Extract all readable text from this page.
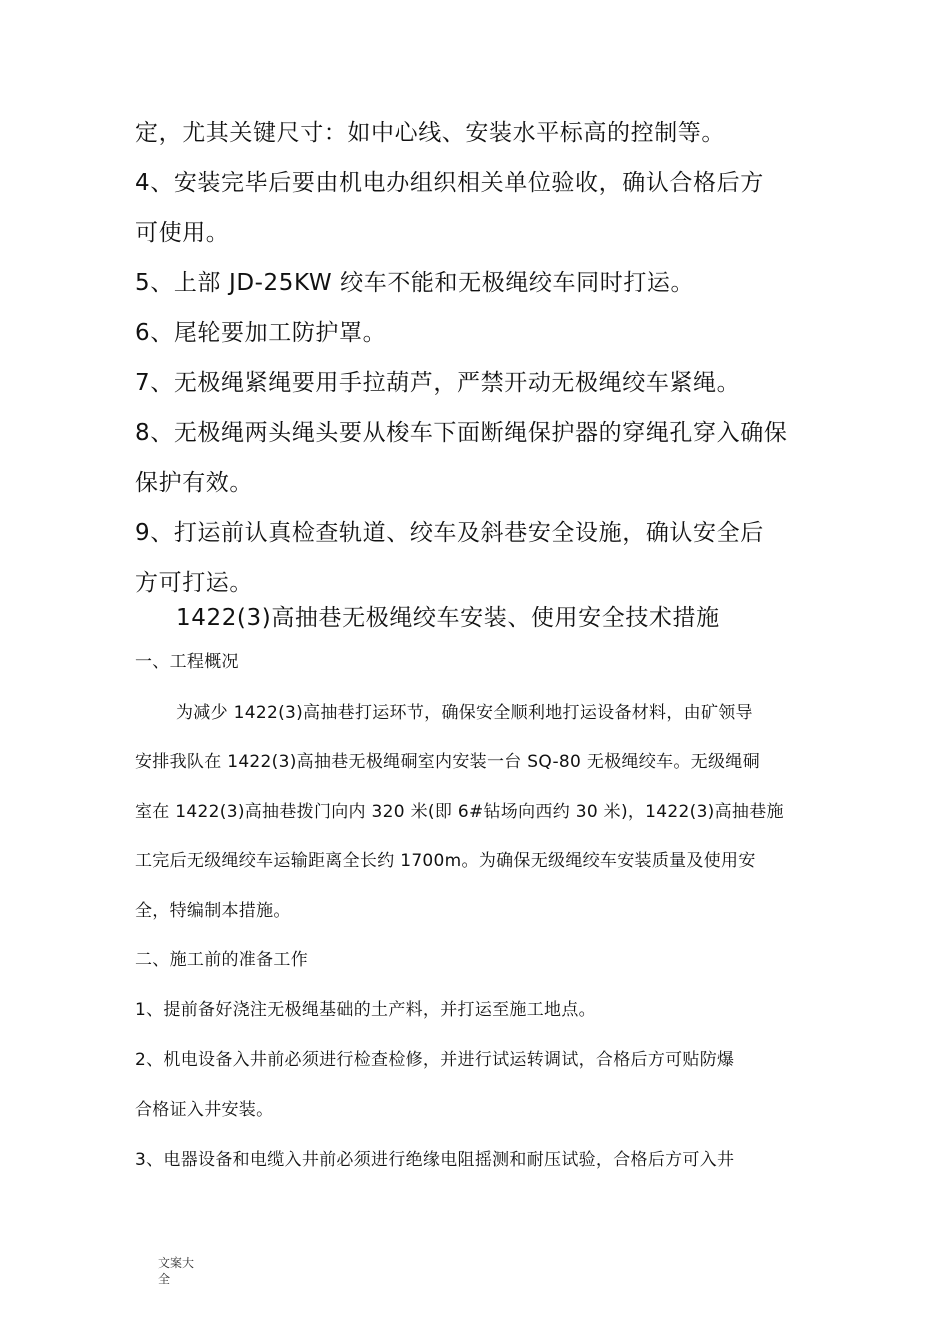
定，尤其关键尺寸：如中心线、安装水平标高的控制等。
4、安装完毕后要由机电办组织相关单位验收，确认合格后方
可使用。
5、上部 JD-25KW 绞车不能和无极绳绞车同时打运。
6、尾轮要加工防护罩。
7、无极绳紧绳要用手拉葫芦，严禁开动无极绳绞车紧绳。
8、无极绳两头绳头要从梭车下面断绳保护器的穿绳孔穿入确保
保护有效。
9、打运前认真检查轨道、绞车及斜巷安全设施，确认安全后
方可打运。
1422(3)高抽巷无极绳绞车安装、使用安全技术措施
一、工程概况
为减少 1422(3)高抽巷打运环节，确保安全顺利地打运设备材料，由矿领导
安排我队在 1422(3)高抽巷无极绳硐室内安装一台 SQ-80 无极绳绞车。无级绳硐
室在 1422(3)高抽巷拨门向内 320 米(即 6#钻场向西约 30 米)，1422(3)高抽巷施
工完后无级绳绞车运输距离全长约 1700m。为确保无级绳绞车安装质量及使用安
全，特编制本措施。
二、施工前的准备工作
1、提前备好浇注无极绳基础的土产料，并打运至施工地点。
2、机电设备入井前必须进行检查检修，并进行试运转调试，合格后方可贴防爆
合格证入井安装。
3、电器设备和电缆入井前必须进行绝缘电阻摇测和耐压试验，合格后方可入井
文案大
全
